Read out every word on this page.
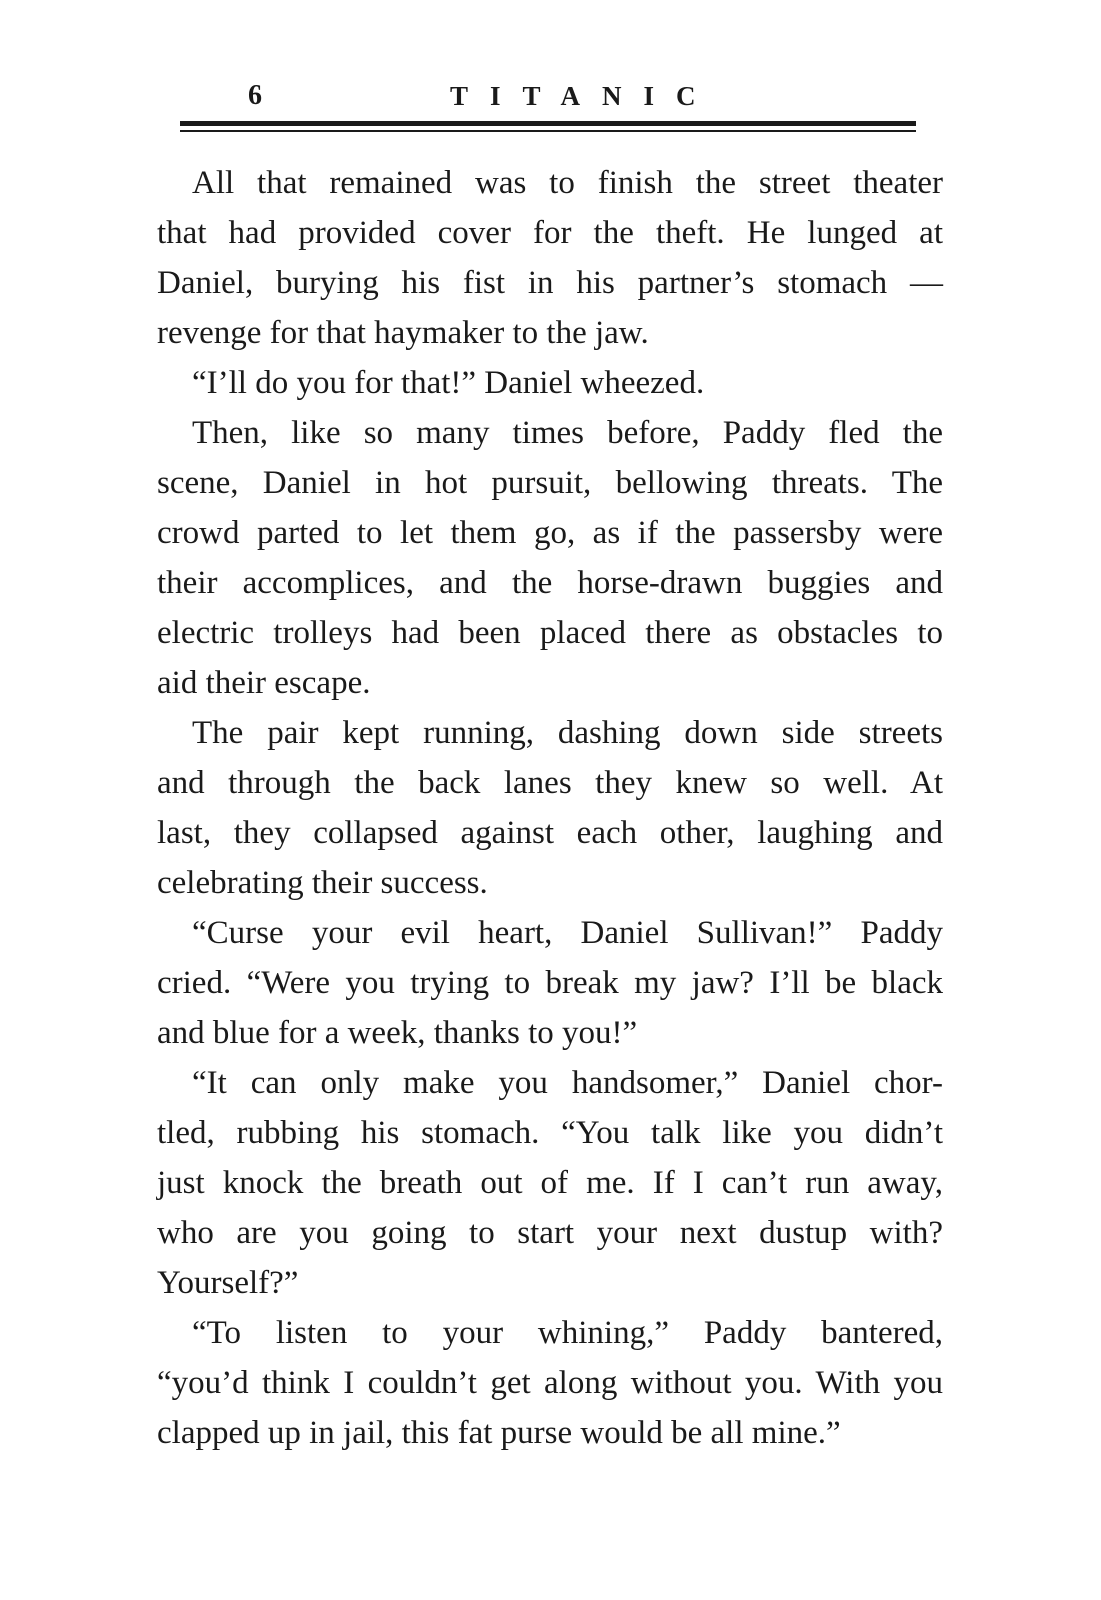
6	TITANIC

All that remained was to finish the street theater
that had provided cover for the theft. He lunged at
Daniel, burying his fist in his partner’s stomach —
revenge for that haymaker to the jaw.

“I’ll do you for that!” Daniel wheezed.

Then, like so many times before, Paddy fled the
scene, Daniel in hot pursuit, bellowing threats. The
crowd parted to let them go, as if the passersby were
their accomplices, and the horse-drawn buggies and
electric trolleys had been placed there as obstacles to
aid their escape.

The pair kept running, dashing down side streets
and through the back lanes they knew so well. At
last, they collapsed against each other, laughing and
celebrating their success.

“Curse your evil heart, Daniel Sullivan!” Paddy
cried. “Were you trying to break my jaw? I’ll be black
and blue for a week, thanks to you!”

“It can only make you handsomer,” Daniel chor-
tled, rubbing his stomach. “You talk like you didn’t
just knock the breath out of me. If I can’t run away,
who are you going to start your next dustup with?
Yourself?”

“To listen to your whining,” Paddy bantered,
“you’d think I couldn’t get along without you. With you
clapped up in jail, this fat purse would be all mine.”
